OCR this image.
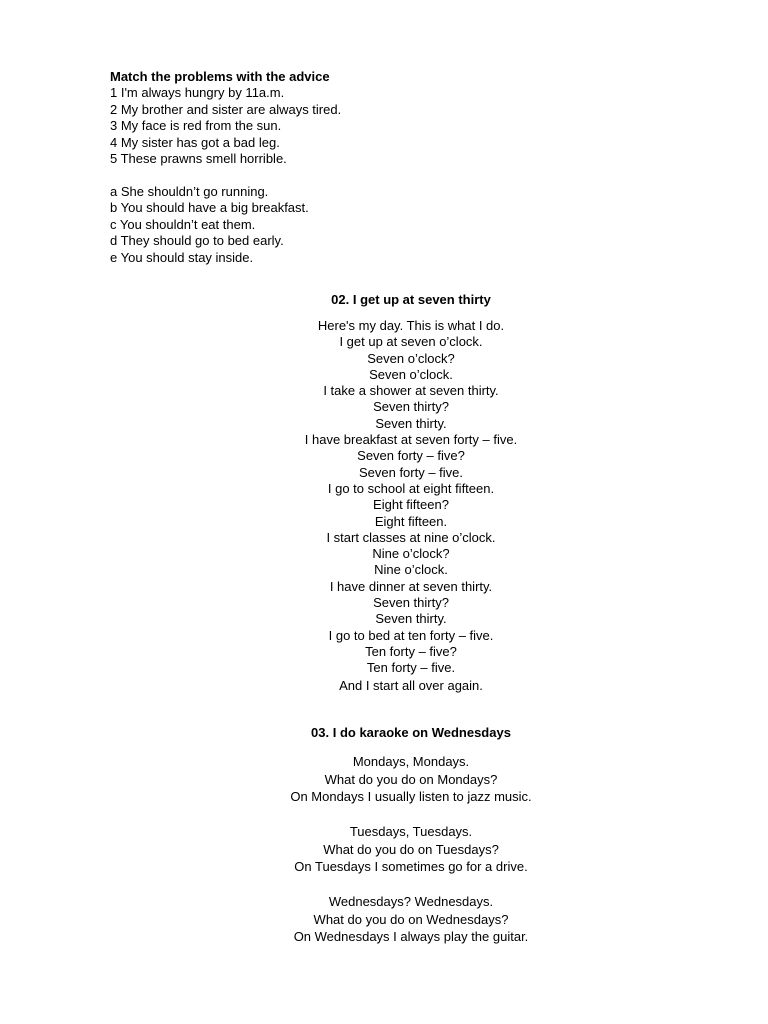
Match the problems with the advice
1 I'm always hungry by 11a.m.
2 My brother and sister are always tired.
3 My face is red from the sun.
4 My sister has got a bad leg.
5 These prawns smell horrible.
a She shouldn’t go running.
b You should have a big breakfast.
c You shouldn’t eat them.
d They should go to bed early.
e You should stay inside.
02. I get up at seven thirty
Here's my day. This is what I do.
I get up at seven o’clock.
Seven o’clock?
Seven o’clock.
I take a shower at seven thirty.
Seven thirty?
Seven thirty.
I have breakfast at seven forty – five.
Seven forty – five?
Seven forty – five.
I go to school at eight fifteen.
Eight fifteen?
Eight fifteen.
I start classes at nine o’clock.
Nine o’clock?
Nine o’clock.
I have dinner at seven thirty.
Seven thirty?
Seven thirty.
I go to bed at ten forty – five.
Ten forty – five?
Ten forty – five.
And I start all over again.
03. I do karaoke on Wednesdays
Mondays, Mondays.
What do you do on Mondays?
On Mondays I usually listen to jazz music.
Tuesdays, Tuesdays.
What do you do on Tuesdays?
On Tuesdays I sometimes go for a drive.
Wednesdays? Wednesdays.
What do you do on Wednesdays?
On Wednesdays I always play the guitar.
